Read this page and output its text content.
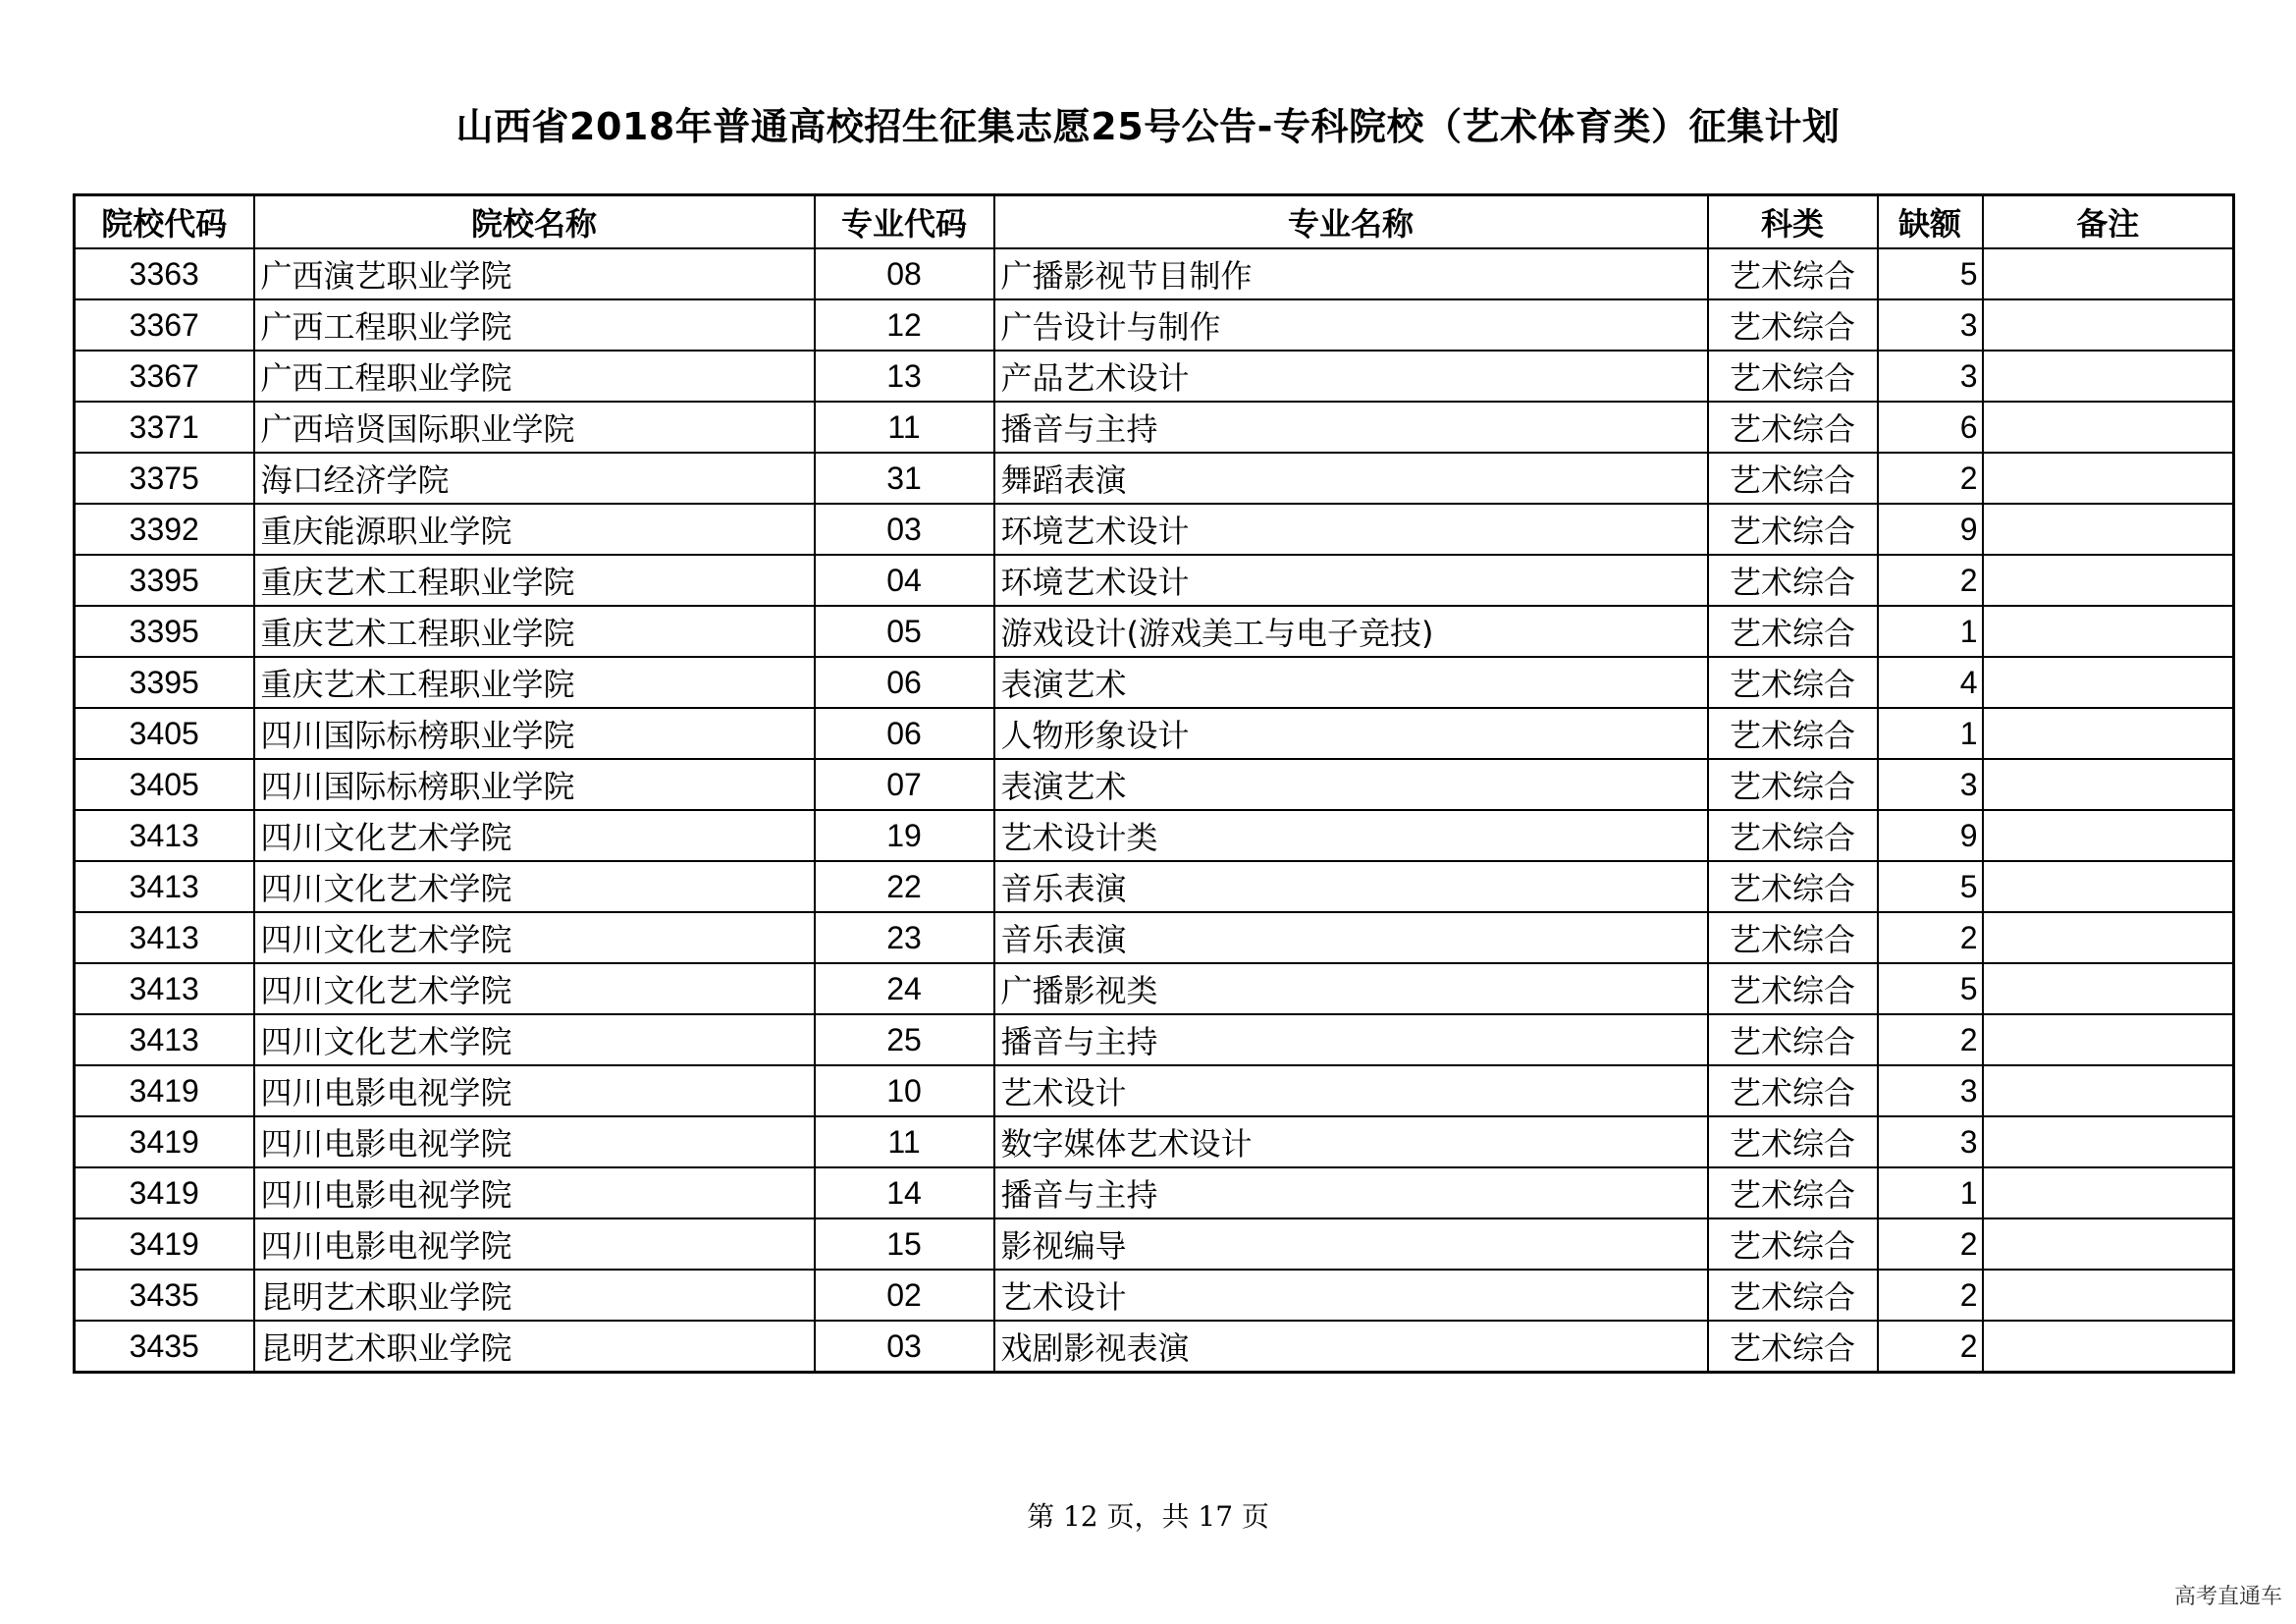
山西省2018年普通高校招生征集志愿25号公告-专科院校（艺术体育类）征集计划
院校代码	院校名称	专业代码	专业名称	科类	缺额	备注
3363	广西演艺职业学院	08	广播影视节目制作	艺术综合	5	
3367	广西工程职业学院	12	广告设计与制作	艺术综合	3	
3367	广西工程职业学院	13	产品艺术设计	艺术综合	3	
3371	广西培贤国际职业学院	11	播音与主持	艺术综合	6	
3375	海口经济学院	31	舞蹈表演	艺术综合	2	
3392	重庆能源职业学院	03	环境艺术设计	艺术综合	9	
3395	重庆艺术工程职业学院	04	环境艺术设计	艺术综合	2	
3395	重庆艺术工程职业学院	05	游戏设计(游戏美工与电子竞技)	艺术综合	1	
3395	重庆艺术工程职业学院	06	表演艺术	艺术综合	4	
3405	四川国际标榜职业学院	06	人物形象设计	艺术综合	1	
3405	四川国际标榜职业学院	07	表演艺术	艺术综合	3	
3413	四川文化艺术学院	19	艺术设计类	艺术综合	9	
3413	四川文化艺术学院	22	音乐表演	艺术综合	5	
3413	四川文化艺术学院	23	音乐表演	艺术综合	2	
3413	四川文化艺术学院	24	广播影视类	艺术综合	5	
3413	四川文化艺术学院	25	播音与主持	艺术综合	2	
3419	四川电影电视学院	10	艺术设计	艺术综合	3	
3419	四川电影电视学院	11	数字媒体艺术设计	艺术综合	3	
3419	四川电影电视学院	14	播音与主持	艺术综合	1	
3419	四川电影电视学院	15	影视编导	艺术综合	2	
3435	昆明艺术职业学院	02	艺术设计	艺术综合	2	
3435	昆明艺术职业学院	03	戏剧影视表演	艺术综合	2	
第 12 页，共 17 页
高考直通车
